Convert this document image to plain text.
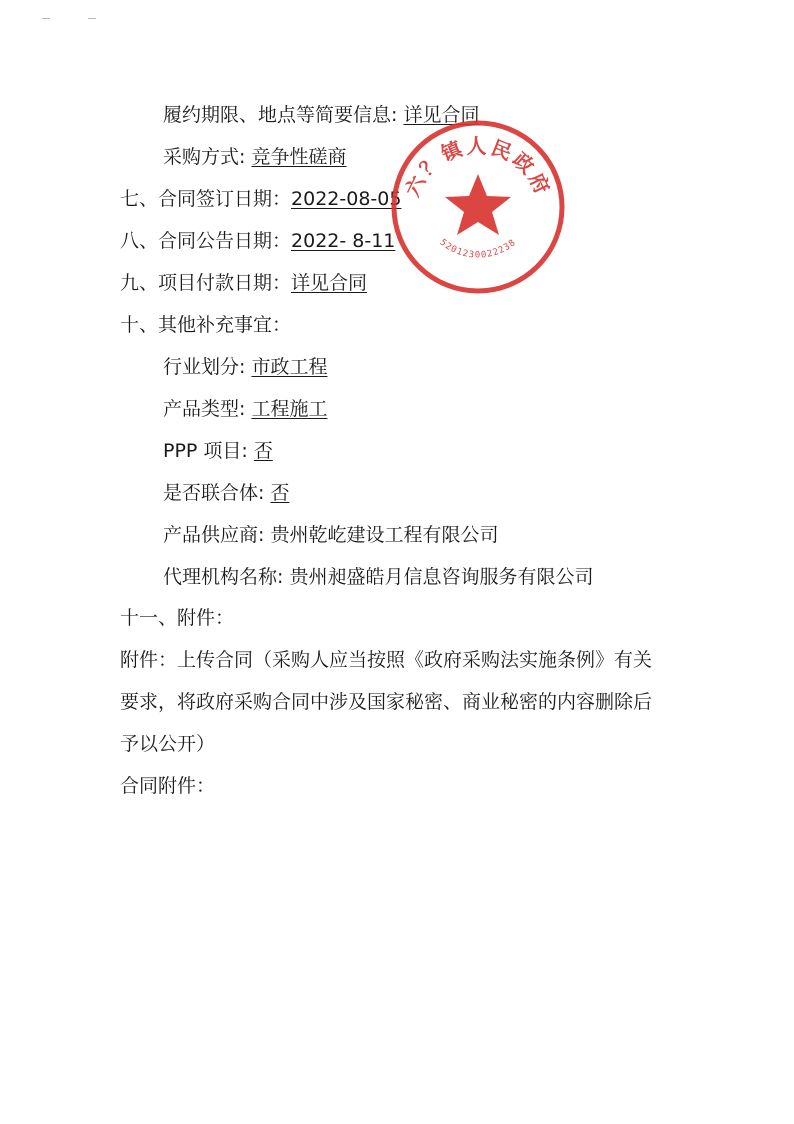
履约期限、地点等简要信息: 详见合同
采购方式: 竞争性磋商
七、合同签订日期：2022-08-05
八、合同公告日期：2022- 8-11
九、项目付款日期：详见合同
十、其他补充事宜：
行业划分: 市政工程
产品类型: 工程施工
PPP 项目: 否
是否联合体: 否
产品供应商: 贵州乾屹建设工程有限公司
代理机构名称: 贵州昶盛皓月信息咨询服务有限公司
十一、附件：
附件：上传合同（采购人应当按照《政府采购法实施条例》有关
要求，将政府采购合同中涉及国家秘密、商业秘密的内容删除后
予以公开）
合同附件：
六？镇人民政府
5201230022238
